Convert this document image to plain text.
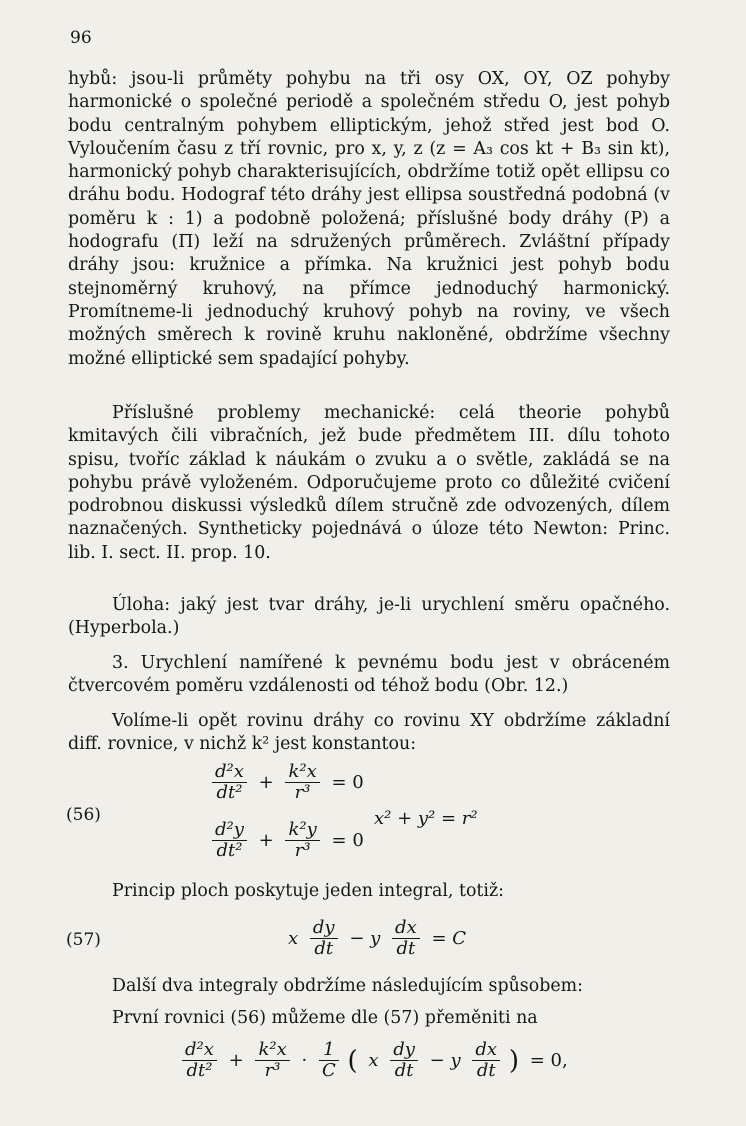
96
hybů: jsou-li průměty pohybu na tři osy OX, OY, OZ pohyby harmonické o společné periodě a společném středu O, jest pohyb bodu centralným pohybem elliptickým, jehož střed jest bod O. Vyloučením času z tří rovnic, pro x, y, z (z = A₃ cos kt + B₃ sin kt), harmonický pohyb charakterisujících, obdržíme totiž opět ellipsu co dráhu bodu. Hodograf této dráhy jest ellipsa soustředná podobná (v poměru k : 1) a podobně položená; příslušné body dráhy (P) a hodografu (Π) leží na sdružených průměrech. Zvláštní případy dráhy jsou: kružnice a přímka. Na kružnici jest pohyb bodu stejnoměrný kruhový, na přímce jednoduchý harmonický. Promítneme-li jednoduchý kruhový pohyb na roviny, ve všech možných směrech k rovině kruhu nakloněné, obdržíme všechny možné elliptické sem spadající pohyby.
Příslušné problemy mechanické: celá theorie pohybů kmitavých čili vibračních, jež bude předmětem III. dílu tohoto spisu, tvoříc základ k náukám o zvuku a o světle, zakládá se na pohybu právě vyloženém. Odporučujeme proto co důležité cvičení podrobnou diskussi výsledků dílem stručně zde odvozených, dílem naznačených. Syntheticky pojednává o úloze této Newton: Princ. lib. I. sect. II. prop. 10.
Úloha: jaký jest tvar dráhy, je-li urychlení směru opačného. (Hyperbola.)
3. Urychlení namířené k pevnému bodu jest v obráceném čtvercovém poměru vzdálenosti od téhož bodu (Obr. 12.)
Volíme-li opět rovinu dráhy co rovinu XY obdržíme základní diff. rovnice, v nichž k² jest konstantou:
(56)
$\frac{\text{d²x}}{\text{dt²}} + \frac{\text{k²x}}{\text{r³}} = 0$
$\frac{\text{d²y}}{\text{dt²}} + \frac{\text{k²y}}{\text{r³}} = 0$
x² + y² = r²
Princip ploch poskytuje jeden integral, totiž:
(57)	x $\frac{dy}{dt} - y \frac{dx}{dt} = C$
Další dva integraly obdržíme následujícím spůsobem:
První rovnici (56) můžeme dle (57) přeměniti na
$\frac{\text{d²x}}{\text{dt²}} + \frac{\text{k²x}}{\text{r³}} \cdot \frac{1}{C}$ ( x $\frac{dy}{dt} - y \frac{dx}{dt}$ ) = 0,
